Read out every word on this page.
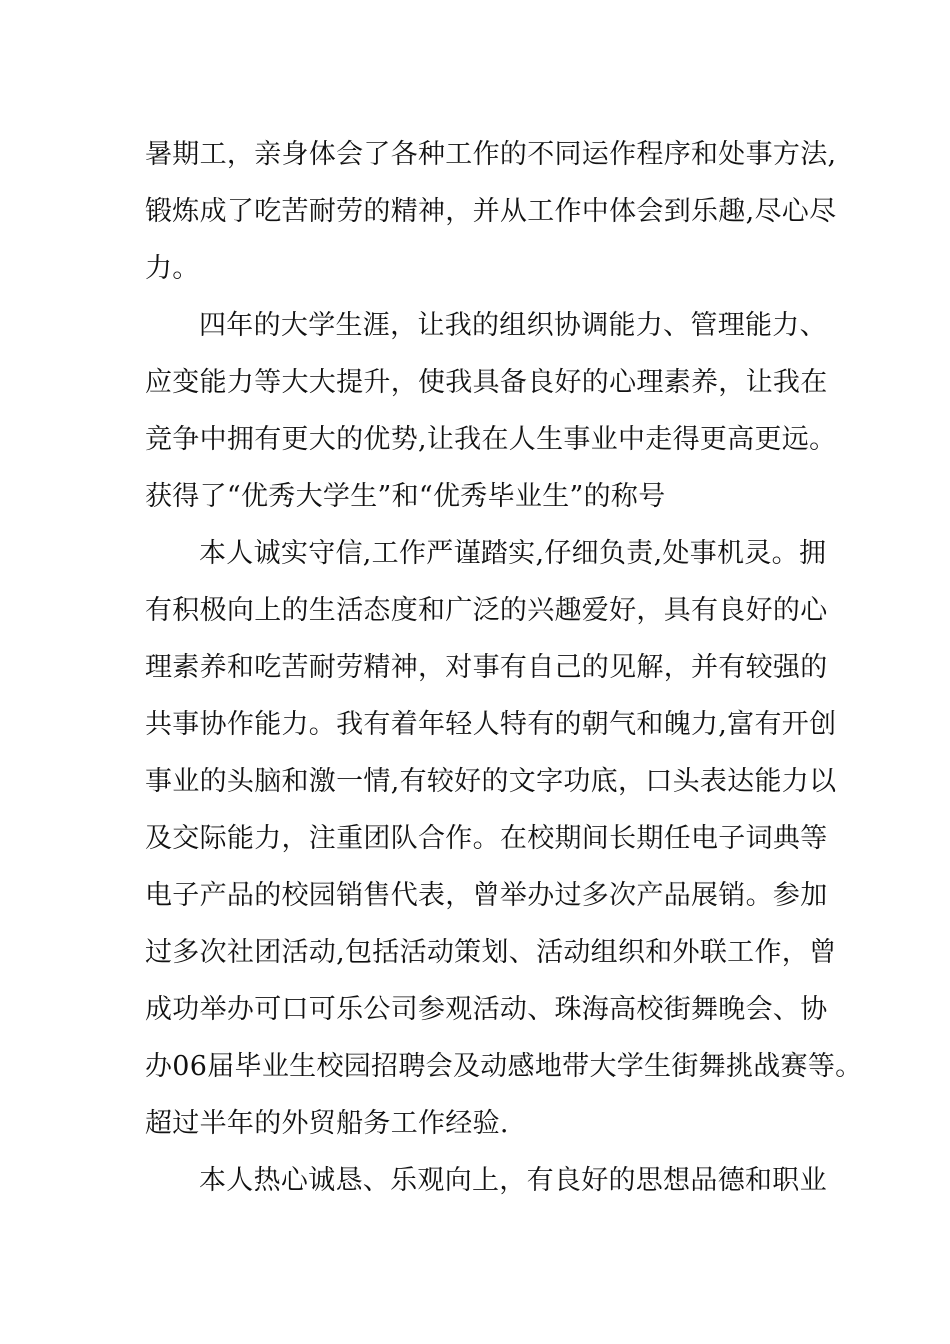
暑期工，亲身体会了各种工作的不同运作程序和处事方法,
锻炼成了吃苦耐劳的精神，并从工作中体会到乐趣,尽心尽
力。
四年的大学生涯，让我的组织协调能力、管理能力、
应变能力等大大提升，使我具备良好的心理素养，让我在
竞争中拥有更大的优势,让我在人生事业中走得更高更远。
获得了“优秀大学生”和“优秀毕业生”的称号
本人诚实守信,工作严谨踏实,仔细负责,处事机灵。拥
有积极向上的生活态度和广泛的兴趣爱好，具有良好的心
理素养和吃苦耐劳精神，对事有自己的见解，并有较强的
共事协作能力。我有着年轻人特有的朝气和魄力,富有开创
事业的头脑和激一情,有较好的文字功底，口头表达能力以
及交际能力，注重团队合作。在校期间长期任电子词典等
电子产品的校园销售代表，曾举办过多次产品展销。参加
过多次社团活动,包括活动策划、活动组织和外联工作，曾
成功举办可口可乐公司参观活动、珠海高校街舞晚会、协
办06届毕业生校园招聘会及动感地带大学生街舞挑战赛等。
超过半年的外贸船务工作经验.
本人热心诚恳、乐观向上，有良好的思想品德和职业
